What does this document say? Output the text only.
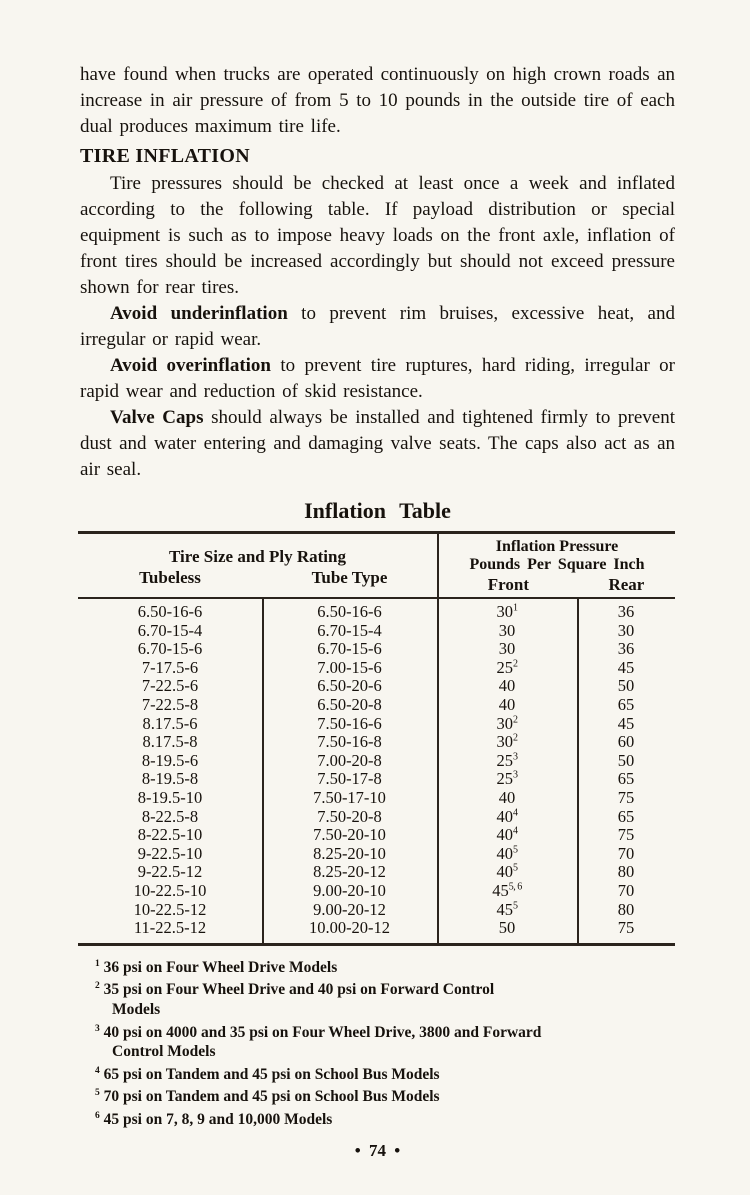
have found when trucks are operated continuously on high crown roads an increase in air pressure of from 5 to 10 pounds in the outside tire of each dual produces maximum tire life.

TIRE INFLATION

Tire pressures should be checked at least once a week and inflated according to the following table. If payload distribution or special equipment is such as to impose heavy loads on the front axle, inflation of front tires should be increased accordingly but should not exceed pressure shown for rear tires.

Avoid underinflation to prevent rim bruises, excessive heat, and irregular or rapid wear.

Avoid overinflation to prevent tire ruptures, hard riding, irregular or rapid wear and reduction of skid resistance.

Valve Caps should always be installed and tightened firmly to prevent dust and water entering and damaging valve seats. The caps also act as an air seal.

Inflation Table
Tire Size and Ply Rating
Tubeless	Tube Type
Inflation Pressure
Pounds Per Square Inch
Front	Rear
6.50-16-6	6.50-16-6	$30^1$	36
6.70-15-4	6.70-15-4	30	30
6.70-15-6	6.70-15-6	30	36
7-17.5-6	7.00-15-6	$25^2$	45
7-22.5-6	6.50-20-6	40	50
7-22.5-8	6.50-20-8	40	65
8.17.5-6	7.50-16-6	$30^2$	45
8.17.5-8	7.50-16-8	$30^2$	60
8-19.5-6	7.00-20-8	$25^3$	50
8-19.5-8	7.50-17-8	$25^3$	65
8-19.5-10	7.50-17-10	40	75
8-22.5-8	7.50-20-8	$40^4$	65
8-22.5-10	7.50-20-10	$40^4$	75
9-22.5-10	8.25-20-10	$40^5$	70
9-22.5-12	8.25-20-12	$40^5$	80
10-22.5-10	9.00-20-10	45$^{5, 6}$	70
10-22.5-12	9.00-20-12	$45^5$	80
11-22.5-12	10.00-20-12	50	75
$^1$ 36 psi on Four Wheel Drive Models
$^2$ 35 psi on Four Wheel Drive and 40 psi on Forward Control
Models
$^3$ 40 psi on 4000 and 35 psi on Four Wheel Drive, 3800 and Forward
Control Models
$^4$ 65 psi on Tandem and 45 psi on School Bus Models
$^5$ 70 psi on Tandem and 45 psi on School Bus Models
$^6$ 45 psi on 7, 8, 9 and 10,000 Models
• 74 •
